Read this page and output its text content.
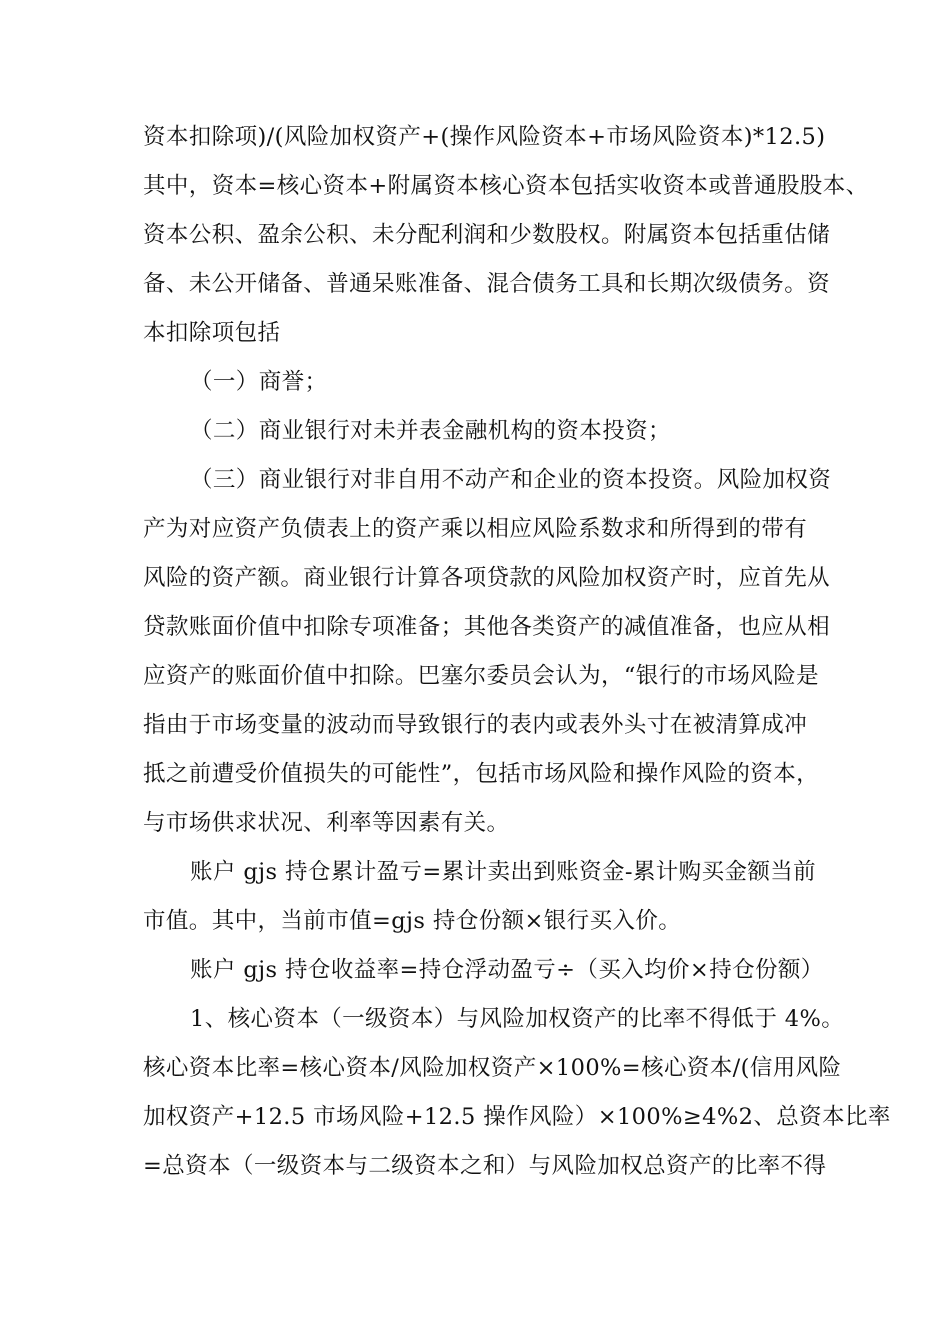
资本扣除项)/(风险加权资产+(操作风险资本+市场风险资本)*12.5)
其中，资本=核心资本+附属资本核心资本包括实收资本或普通股股本、
资本公积、盈余公积、未分配利润和少数股权。附属资本包括重估储
备、未公开储备、普通呆账准备、混合债务工具和长期次级债务。资
本扣除项包括
（一）商誉；
（二）商业银行对未并表金融机构的资本投资；
（三）商业银行对非自用不动产和企业的资本投资。风险加权资
产为对应资产负债表上的资产乘以相应风险系数求和所得到的带有
风险的资产额。商业银行计算各项贷款的风险加权资产时，应首先从
贷款账面价值中扣除专项准备；其他各类资产的减值准备，也应从相
应资产的账面价值中扣除。巴塞尔委员会认为，“银行的市场风险是
指由于市场变量的波动而导致银行的表内或表外头寸在被清算成冲
抵之前遭受价值损失的可能性”，包括市场风险和操作风险的资本，
与市场供求状况、利率等因素有关。
账户 gjs 持仓累计盈亏=累计卖出到账资金-累计购买金额当前
市值。其中，当前市值=gjs 持仓份额×银行买入价。
账户 gjs 持仓收益率=持仓浮动盈亏÷（买入均价×持仓份额）
1、核心资本（一级资本）与风险加权资产的比率不得低于 4%。
核心资本比率=核心资本/风险加权资产×100%=核心资本/(信用风险
加权资产+12.5 市场风险+12.5 操作风险）×100%≥4%2、总资本比率
=总资本（一级资本与二级资本之和）与风险加权总资产的比率不得
